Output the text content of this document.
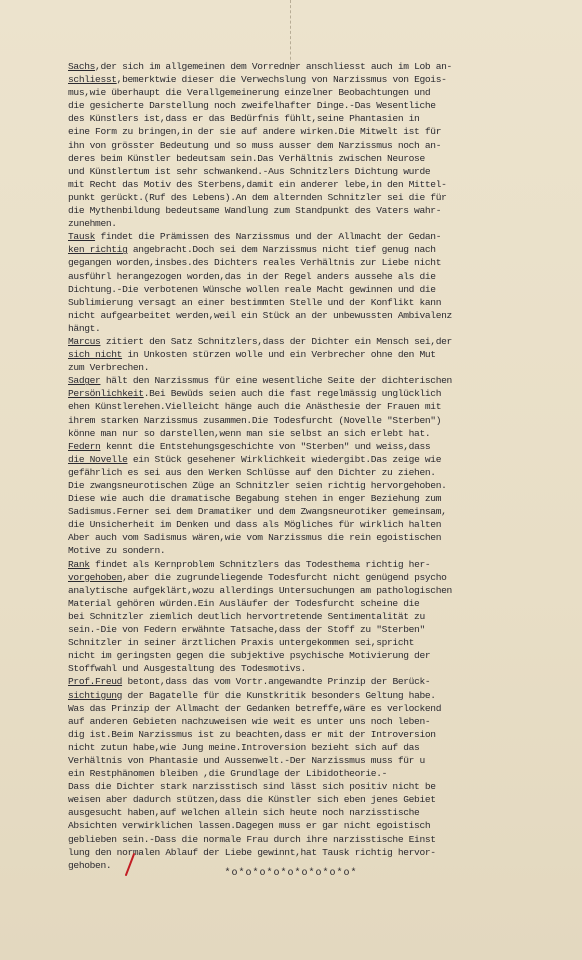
Sachs,der sich im allgemeinen dem Vorredner anschliesst auch im Lob an-
schliesst,bemerktwie dieser die Verwechslung von Narzissmus von Egois-
mus,wie überhaupt die Verallgemeinerung einzelner Beobachtungen und
die gesicherte Darstellung noch zweifelhafter Dinge.-Das Wesentliche
des Künstlers ist,dass er das Bedürfnis fühlt,seine Phantasien in
eine Form zu bringen,in der sie auf andere wirken.Die Mitwelt ist für
ihn von grösster Bedeutung und so muss ausser dem Narzissmus noch an-
deres beim Künstler bedeutsam sein.Das Verhältnis zwischen Neurose
und Künstlertum ist sehr schwankend.-Aus Schnitzlers Dichtung wurde
mit Recht das Motiv des Sterbens,damit ein anderer lebe,in den Mittel-
punkt gerückt.(Ruf des Lebens).An dem alternden Schnitzler sei die für
die Mythenbildung bedeutsame Wandlung zum Standpunkt des Vaters wahr-
zunehmen.
Tausk findet die Prämissen des Narzissmus und der Allmacht der Gedan-
ken richtig angebracht.Doch sei dem Narzissmus nicht tief genug nach
gegangen worden,insbes.des Dichters reales Verhältnis zur Liebe nicht
ausführl herangezogen worden,das in der Regel anders aussehe als die
Dichtung.-Die verbotenen Wünsche wollen reale Macht gewinnen und die
Sublimierung versagt an einer bestimmten Stelle und der Konflikt kann
nicht aufgearbeitet werden,weil ein Stück an der unbewussten Ambivalenz
hängt.
Marcus zitiert den Satz Schnitzlers,dass der Dichter ein Mensch sei,der
sich nicht in Unkosten stürzen wolle und ein Verbrecher ohne den Mut
zum Verbrechen.
Sadger hält den Narzissmus für eine wesentliche Seite der dichterischen
Persönlichkeit.Bei Bewüds seien auch die fast regelmässig unglücklich
ehen Künstlerehen.Vielleicht hänge auch die Anästhesie der Frauen mit
ihrem starken Narzissmus zusammen.Die Todesfurcht (Novelle "Sterben")
könne man nur so darstellen,wenn man sie selbst an sich erlebt hat.
Federn kennt die Entstehungsgeschichte von "Sterben" und weiss,dass
die Novelle ein Stück gesehener Wirklichkeit wiedergibt.Das zeige wie
gefährlich es sei aus den Werken Schlüsse auf den Dichter zu ziehen.
Die zwangsneurotischen Züge an Schnitzler seien richtig hervorgehoben.
Diese wie auch die dramatische Begabung stehen in enger Beziehung zum
Sadismus.Ferner sei dem Dramatiker und dem Zwangsneurotiker gemeinsam,
die Unsicherheit im Denken und dass als Mögliches für wirklich halten
Aber auch vom Sadismus wären,wie vom Narzissmus die rein egoistischen
Motive zu sondern.
Rank findet als Kernproblem Schnitzlers das Todesthema richtig her-
vorgehoben,aber die zugrundeliegende Todesfurcht nicht genügend psycho
analytische aufgeklärt,wozu allerdings Untersuchungen am pathologischen
Material gehören würden.Ein Ausläufer der Todesfurcht scheine die
bei Schnitzler ziemlich deutlich hervortretende Sentimentalität zu
sein.-Die von Federn erwähnte Tatsache,dass der Stoff zu "Sterben"
Schnitzler in seiner ärztlichen Praxis untergekommen sei,spricht
nicht im geringsten gegen die subjektive psychische Motivierung der
Stoffwahl und Ausgestaltung des Todesmotivs.
Prof.Freud betont,dass das vom Vortr.angewandte Prinzip der Berück-
sichtigung der Bagatelle für die Kunstkritik besonders Geltung habe.
Was das Prinzip der Allmacht der Gedanken betreffe,wäre es verlockend
auf anderen Gebieten nachzuweisen wie weit es unter uns noch leben-
dig ist.Beim Narzissmus ist zu beachten,dass er mit der Introversion
nicht zutun habe,wie Jung meine.Introversion bezieht sich auf das
Verhältnis von Phantasie und Aussenwelt.-Der Narzissmus muss für u
ein Restphänomen bleiben ,die Grundlage der Libidotheorie.-
Dass die Dichter stark narzisstisch sind lässt sich positiv nicht be
weisen aber dadurch stützen,dass die Künstler sich eben jenes Gebiet
ausgesucht haben,auf welchen allein sich heute noch narzisstische
Absichten verwirklichen lassen.Dagegen muss er gar nicht egoistisch
geblieben sein.-Dass die normale Frau durch ihre narzisstische Einst
lung den normalen Ablauf der Liebe gewinnt,hat Tausk richtig hervor-
gehoben.
*o*o*o*o*o*o*o*o*o*
